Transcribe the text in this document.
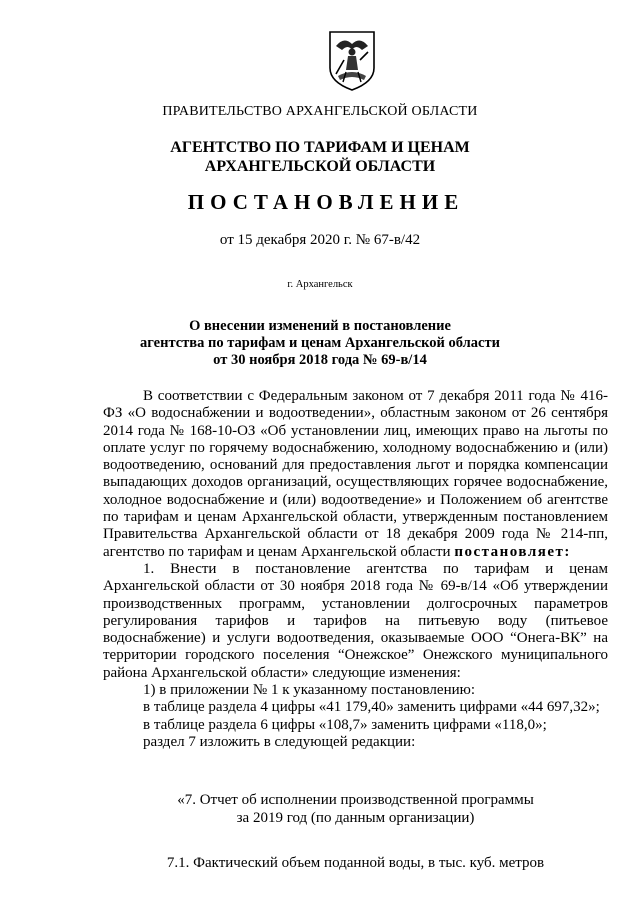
ПРАВИТЕЛЬСТВО АРХАНГЕЛЬСКОЙ ОБЛАСТИ
АГЕНТСТВО ПО ТАРИФАМ И ЦЕНАМ
АРХАНГЕЛЬСКОЙ ОБЛАСТИ
ПОСТАНОВЛЕНИЕ
от 15 декабря 2020 г. № 67-в/42
г. Архангельск
О внесении изменений в постановление
агентства по тарифам и ценам Архангельской области
от 30 ноября 2018 года № 69-в/14

В соответствии с Федеральным законом от 7 декабря 2011 года № 416-ФЗ «О водоснабжении и водоотведении», областным законом от 26 сентября 2014 года № 168-10-ОЗ «Об установлении лиц, имеющих право на льготы по оплате услуг по горячему водоснабжению, холодному водоснабжению и (или) водоотведению, оснований для предоставления льгот и порядка компенсации выпадающих доходов организаций, осуществляющих горячее водоснабжение, холодное водоснабжение и (или) водоотведение» и Положением об агентстве по тарифам и ценам Архангельской области, утвержденным постановлением Правительства Архангельской области от 18 декабря 2009 года № 214-пп, агентство по тарифам и ценам Архангельской области постановляет:

1. Внести в постановление агентства по тарифам и ценам Архангельской области от 30 ноября 2018 года № 69-в/14 «Об утверждении производственных программ, установлении долгосрочных параметров регулирования тарифов и тарифов на питьевую воду (питьевое водоснабжение) и услуги водоотведения, оказываемые ООО “Онега-ВК” на территории городского поселения “Онежское” Онежского муниципального района Архангельской области» следующие изменения:

1) в приложении № 1 к указанному постановлению:

в таблице раздела 4 цифры «41 179,40» заменить цифрами «44 697,32»;

в таблице раздела 6 цифры «108,7» заменить цифрами «118,0»;

раздел 7 изложить в следующей редакции:

«7. Отчет об исполнении производственной программы
за 2019 год (по данным организации)
7.1. Фактический объем поданной воды, в тыс. куб. метров
